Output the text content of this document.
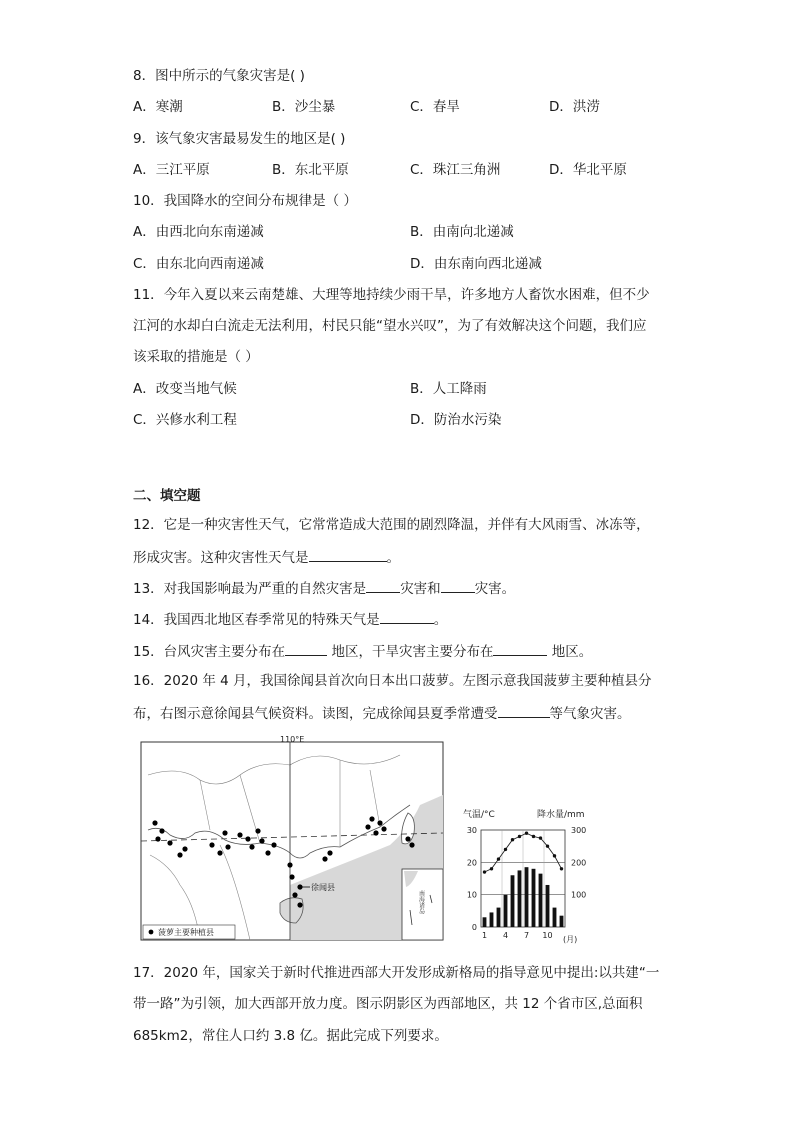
8．图中所示的气象灾害是( )
A．寒潮	B．沙尘暴	C．春旱	D．洪涝
9．该气象灾害最易发生的地区是( )
A．三江平原	B．东北平原	C．珠江三角洲	D．华北平原
10．我国降水的空间分布规律是（ ）
A．由西北向东南递减	B．由南向北递减
C．由东北向西南递减	D．由东南向西北递减
11．今年入夏以来云南楚雄、大理等地持续少雨干旱，许多地方人畜饮水困难，但不少
江河的水却白白流走无法利用，村民只能“望水兴叹”，为了有效解决这个问题，我们应
该采取的措施是（ ）
A．改变当地气候	B．人工降雨
C．兴修水利工程	D．防治水污染
二、填空题
12．它是一种灾害性天气，它常常造成大范围的剧烈降温，并伴有大风雨雪、冰冻等，
形成灾害。这种灾害性天气是	。
13．对我国影响最为严重的自然灾害是	灾害和	灾害。
14．我国西北地区春季常见的特殊天气是	。
15．台风灾害主要分布在	地区，干旱灾害主要分布在	地区。
16．2020 年 4 月，我国徐闻县首次向日本出口菠萝。左图示意我国菠萝主要种植县分
布，右图示意徐闻县气候资料。读图，完成徐闻县夏季常遭受	等气象灾害。
110°E
徐闻县
南海诸岛
菠萝主要种植县
气温/°C	降水量/mm
0
10
20
30
100
200
300
1 4 7 10 (月)
17．2020 年，国家关于新时代推进西部大开发形成新格局的指导意见中提出:以共建“一
带一路”为引领，加大西部开放力度。图示阴影区为西部地区，共 12 个省市区,总面积
685km2，常住人口约 3.8 亿。据此完成下列要求。
